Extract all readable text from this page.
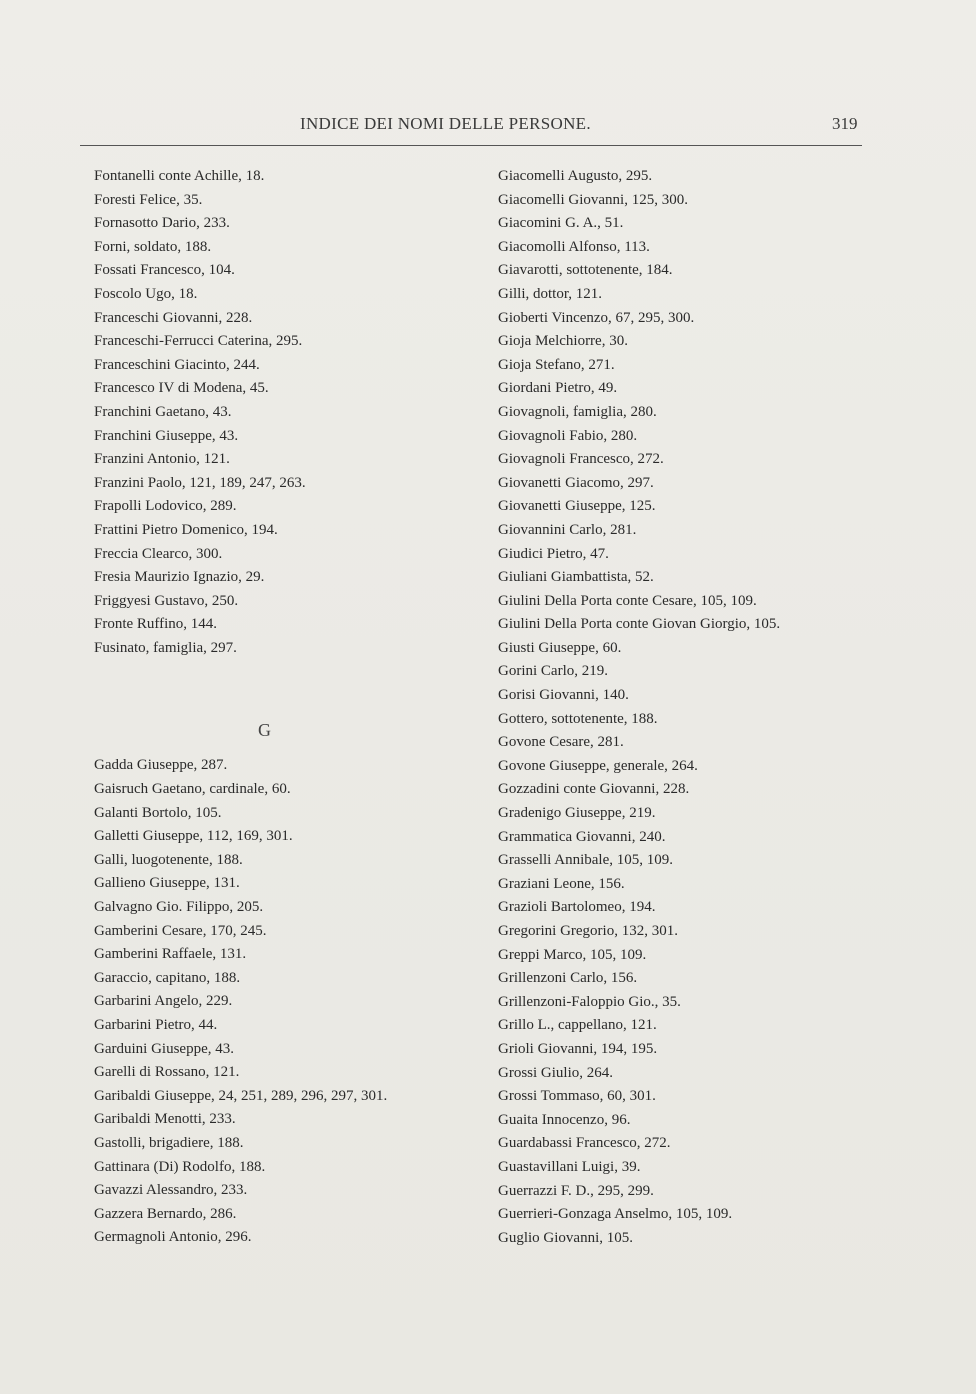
INDICE DEI NOMI DELLE PERSONE.	319
Fontanelli conte Achille, 18.
Foresti Felice, 35.
Fornasotto Dario, 233.
Forni, soldato, 188.
Fossati Francesco, 104.
Foscolo Ugo, 18.
Franceschi Giovanni, 228.
Franceschi-Ferrucci Caterina, 295.
Franceschini Giacinto, 244.
Francesco IV di Modena, 45.
Franchini Gaetano, 43.
Franchini Giuseppe, 43.
Franzini Antonio, 121.
Franzini Paolo, 121, 189, 247, 263.
Frapolli Lodovico, 289.
Frattini Pietro Domenico, 194.
Freccia Clearco, 300.
Fresia Maurizio Ignazio, 29.
Friggyesi Gustavo, 250.
Fronte Ruffino, 144.
Fusinato, famiglia, 297.
G
Gadda Giuseppe, 287.
Gaisruch Gaetano, cardinale, 60.
Galanti Bortolo, 105.
Galletti Giuseppe, 112, 169, 301.
Galli, luogotenente, 188.
Gallieno Giuseppe, 131.
Galvagno Gio. Filippo, 205.
Gamberini Cesare, 170, 245.
Gamberini Raffaele, 131.
Garaccio, capitano, 188.
Garbarini Angelo, 229.
Garbarini Pietro, 44.
Garduini Giuseppe, 43.
Garelli di Rossano, 121.
Garibaldi Giuseppe, 24, 251, 289, 296, 297, 301.
Garibaldi Menotti, 233.
Gastolli, brigadiere, 188.
Gattinara (Di) Rodolfo, 188.
Gavazzi Alessandro, 233.
Gazzera Bernardo, 286.
Germagnoli Antonio, 296.
Giacomelli Augusto, 295.
Giacomelli Giovanni, 125, 300.
Giacomini G. A., 51.
Giacomolli Alfonso, 113.
Giavarotti, sottotenente, 184.
Gilli, dottor, 121.
Gioberti Vincenzo, 67, 295, 300.
Gioja Melchiorre, 30.
Gioja Stefano, 271.
Giordani Pietro, 49.
Giovagnoli, famiglia, 280.
Giovagnoli Fabio, 280.
Giovagnoli Francesco, 272.
Giovanetti Giacomo, 297.
Giovanetti Giuseppe, 125.
Giovannini Carlo, 281.
Giudici Pietro, 47.
Giuliani Giambattista, 52.
Giulini Della Porta conte Cesare, 105, 109.
Giulini Della Porta conte Giovan Giorgio, 105.
Giusti Giuseppe, 60.
Gorini Carlo, 219.
Gorisi Giovanni, 140.
Gottero, sottotenente, 188.
Govone Cesare, 281.
Govone Giuseppe, generale, 264.
Gozzadini conte Giovanni, 228.
Gradenigo Giuseppe, 219.
Grammatica Giovanni, 240.
Grasselli Annibale, 105, 109.
Graziani Leone, 156.
Grazioli Bartolomeo, 194.
Gregorini Gregorio, 132, 301.
Greppi Marco, 105, 109.
Grillenzoni Carlo, 156.
Grillenzoni-Faloppio Gio., 35.
Grillo L., cappellano, 121.
Grioli Giovanni, 194, 195.
Grossi Giulio, 264.
Grossi Tommaso, 60, 301.
Guaita Innocenzo, 96.
Guardabassi Francesco, 272.
Guastavillani Luigi, 39.
Guerrazzi F. D., 295, 299.
Guerrieri-Gonzaga Anselmo, 105, 109.
Guglio Giovanni, 105.
